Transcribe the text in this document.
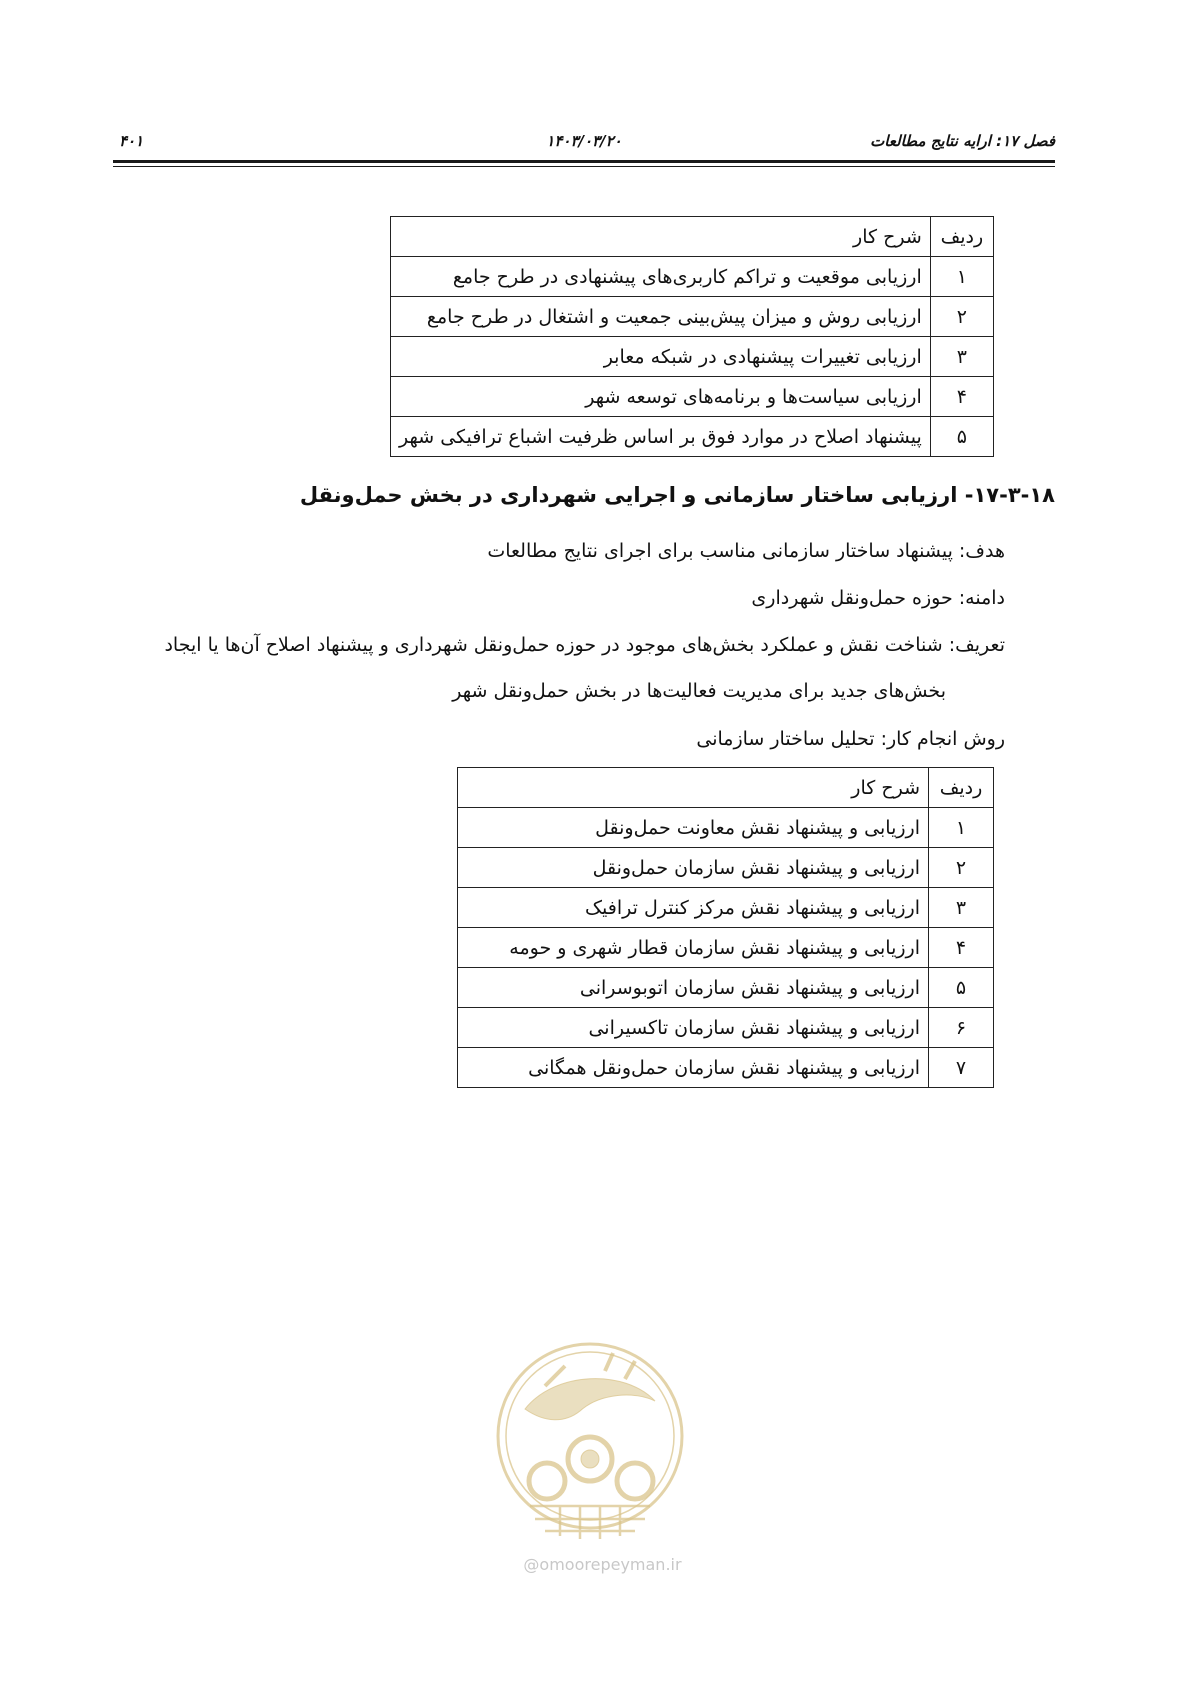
۴۰۱	۱۴۰۳/۰۳/۲۰	فصل ۱۷: ارایه نتایج مطالعات
ردیف	شرح کار
۱	ارزیابی موقعیت و تراکم کاربری‌های پیشنهادی در طرح جامع
۲	ارزیابی روش و میزان پیش‌بینی جمعیت و اشتغال در طرح جامع
۳	ارزیابی تغییرات پیشنهادی در شبکه معابر
۴	ارزیابی سیاست‌ها و برنامه‌های توسعه شهر
۵	پیشنهاد اصلاح در موارد فوق بر اساس ظرفیت اشباع ترافیکی شهر
۱۷-۳-۱۸- ارزیابی ساختار سازمانی و اجرایی شهرداری در بخش حمل‌ونقل
هدف: پیشنهاد ساختار سازمانی مناسب برای اجرای نتایج مطالعات
دامنه: حوزه حمل‌ونقل شهرداری
تعریف: شناخت نقش و عملکرد بخش‌های موجود در حوزه حمل‌ونقل شهرداری و پیشنهاد اصلاح آن‌ها یا ایجاد
بخش‌های جدید برای مدیریت فعالیت‌ها در بخش حمل‌ونقل شهر
روش انجام کار: تحلیل ساختار سازمانی
ردیف	شرح کار
۱	ارزیابی و پیشنهاد نقش معاونت حمل‌ونقل
۲	ارزیابی و پیشنهاد نقش سازمان حمل‌ونقل
۳	ارزیابی و پیشنهاد نقش مرکز کنترل ترافیک
۴	ارزیابی و پیشنهاد نقش سازمان قطار شهری و حومه
۵	ارزیابی و پیشنهاد نقش سازمان اتوبوسرانی
۶	ارزیابی و پیشنهاد نقش سازمان تاکسیرانی
۷	ارزیابی و پیشنهاد نقش سازمان حمل‌ونقل همگانی
@omoorepeyman.ir
